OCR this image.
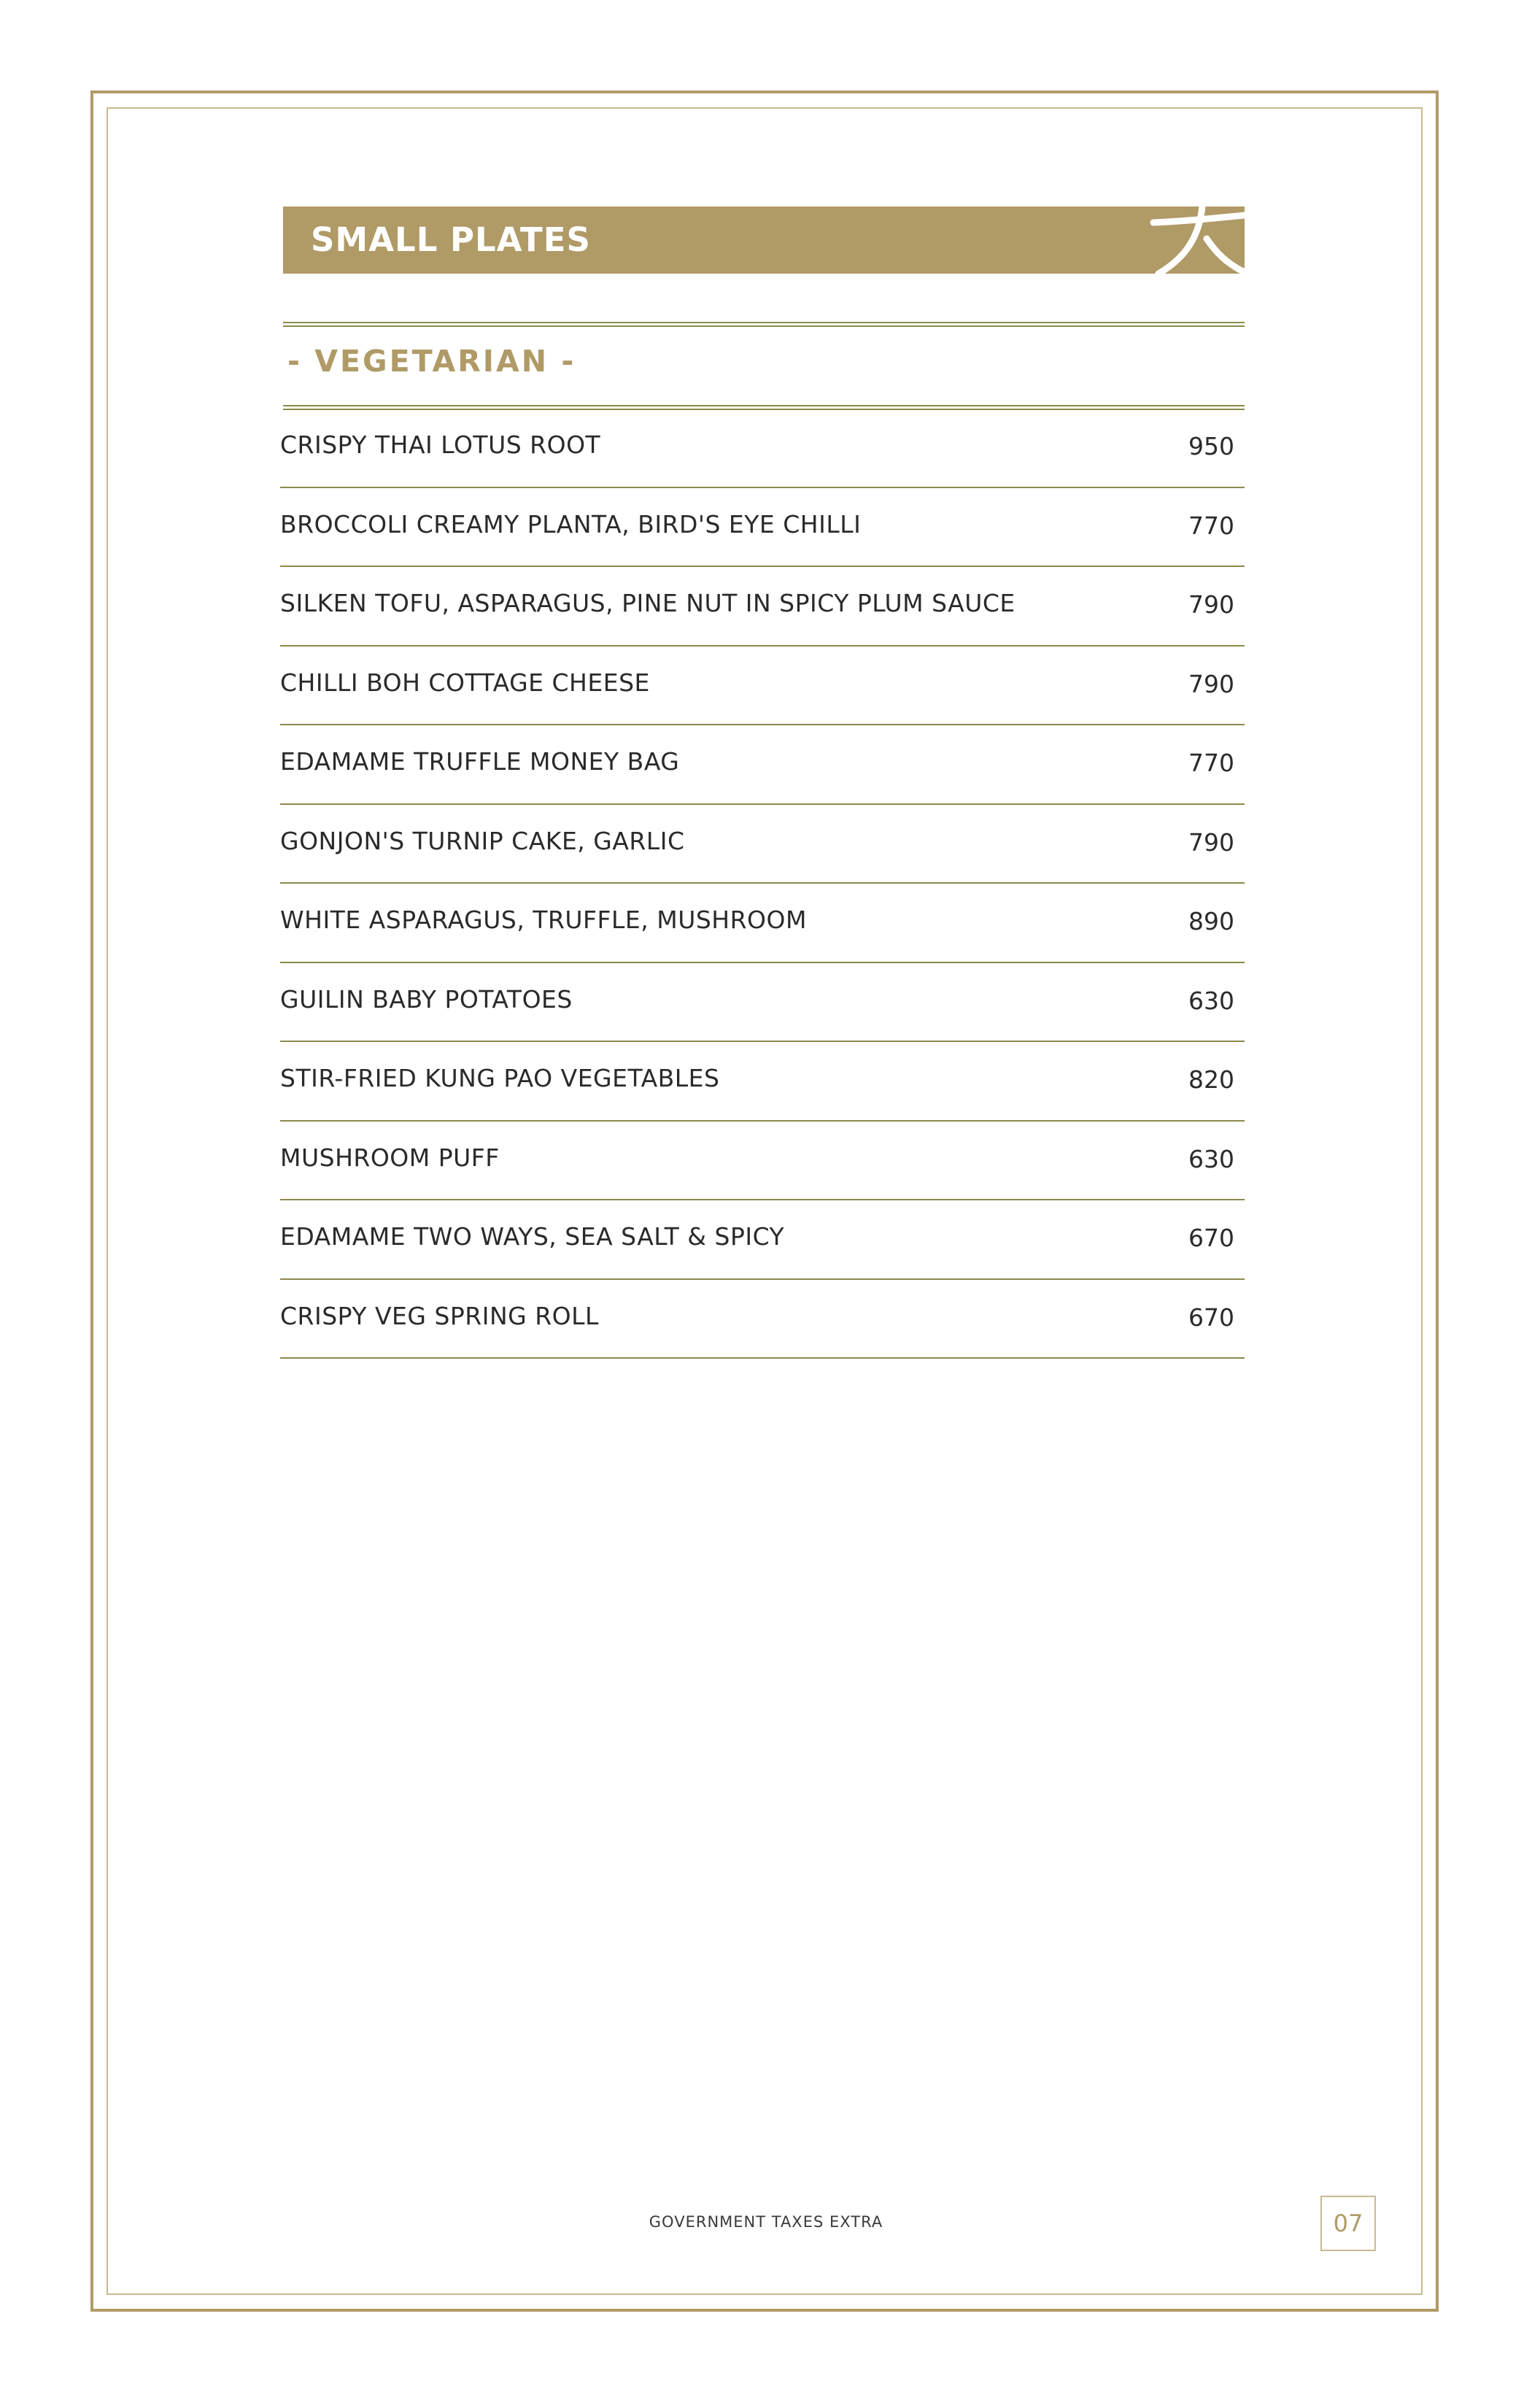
SMALL PLATES
- VEGETARIAN -
CRISPY THAI LOTUS ROOT	950
BROCCOLI CREAMY PLANTA, BIRD'S EYE CHILLI	770
SILKEN TOFU, ASPARAGUS, PINE NUT IN SPICY PLUM SAUCE	790
CHILLI BOH COTTAGE CHEESE	790
EDAMAME TRUFFLE MONEY BAG	770
GONJON'S TURNIP CAKE, GARLIC	790
WHITE ASPARAGUS, TRUFFLE, MUSHROOM	890
GUILIN BABY POTATOES	630
STIR-FRIED KUNG PAO VEGETABLES	820
MUSHROOM PUFF	630
EDAMAME TWO WAYS, SEA SALT & SPICY	670
CRISPY VEG SPRING ROLL	670
GOVERNMENT TAXES EXTRA	07
